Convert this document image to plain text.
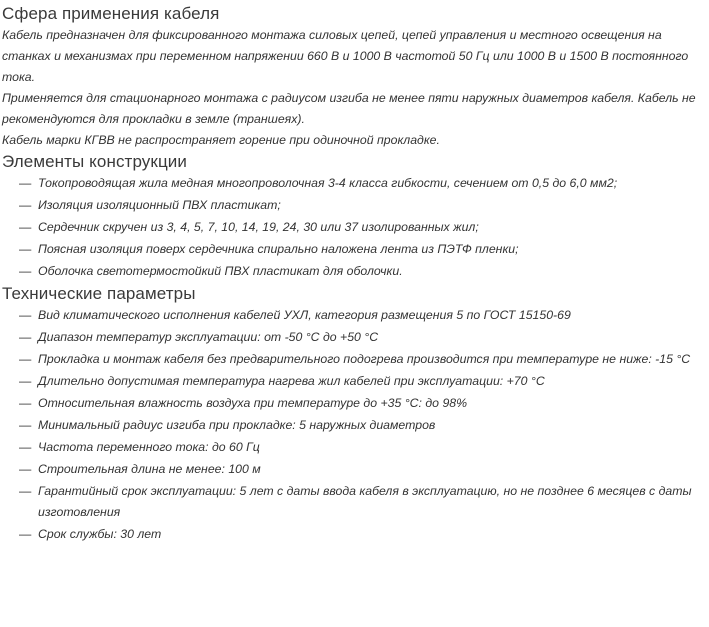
Сфера применения кабеля

Кабель предназначен для фиксированного монтажа силовых цепей, цепей управления и местного освещения на станках и механизмах при переменном напряжении 660 В и 1000 В частотой 50 Гц или 1000 В и 1500 В постоянного тока.

Применяется для стационарного монтажа с радиусом изгиба не менее пяти наружных диаметров кабеля. Кабель не рекомендуются для прокладки в земле (траншеях).

Кабель марки КГВВ не распространяет горение при одиночной прокладке.

Элементы конструкции
— Токопроводящая жила медная многопроволочная 3-4 класса гибкости, сечением от 0,5 до 6,0 мм2;
— Изоляция изоляционный ПВХ пластикат;
— Сердечник скручен из 3, 4, 5, 7, 10, 14, 19, 24, 30 или 37 изолированных жил;
— Поясная изоляция поверх сердечника спирально наложена лента из ПЭТФ пленки;
— Оболочка светотермостойкий ПВХ пластикат для оболочки.
Технические параметры
— Вид климатического исполнения кабелей УХЛ, категория размещения 5 по ГОСТ 15150-69
— Диапазон температур эксплуатации: от -50 °С до +50 °С
— Прокладка и монтаж кабеля без предварительного подогрева производится при температуре не ниже: -15 °С
— Длительно допустимая температура нагрева жил кабелей при эксплуатации: +70 °С
— Относительная влажность воздуха при температуре до +35 °С: до 98%
— Минимальный радиус изгиба при прокладке: 5 наружных диаметров
— Частота переменного тока: до 60 Гц
— Строительная длина не менее: 100 м
— Гарантийный срок эксплуатации: 5 лет с даты ввода кабеля в эксплуатацию, но не позднее 6 месяцев с даты изготовления
— Срок службы: 30 лет
